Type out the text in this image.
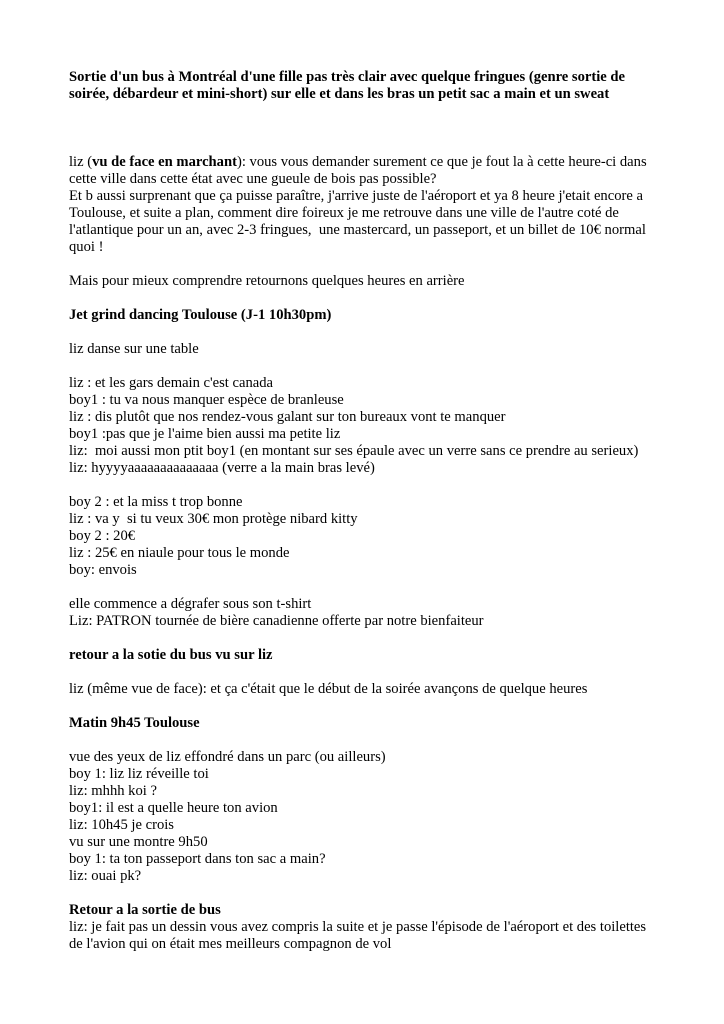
Sortie d'un bus à Montréal d'une fille pas très clair avec quelque fringues (genre sortie de soirée, débardeur et mini-short) sur elle et dans les bras un petit sac a main et un sweat

liz (vu de face en marchant): vous vous demander surement ce que je fout la à cette heure-ci dans cette ville dans cette état avec une gueule de bois pas possible?

Et b aussi surprenant que ça puisse paraître, j'arrive juste de l'aéroport et ya 8 heure j'etait encore a Toulouse, et suite a plan, comment dire foireux je me retrouve dans une ville de l'autre coté de l'atlantique pour un an, avec 2-3 fringues,  une mastercard, un passeport, et un billet de 10€ normal quoi !

Mais pour mieux comprendre retournons quelques heures en arrière

Jet grind dancing Toulouse (J-1 10h30pm)

liz danse sur une table

liz : et les gars demain c'est canada

boy1 : tu va nous manquer espèce de branleuse

liz : dis plutôt que nos rendez-vous galant sur ton bureaux vont te manquer

boy1 :pas que je l'aime bien aussi ma petite liz

liz:  moi aussi mon ptit boy1 (en montant sur ses épaule avec un verre sans ce prendre au serieux)

liz: hyyyyaaaaaaaaaaaaaa (verre a la main bras levé)

boy 2 : et la miss t trop bonne

liz : va y  si tu veux 30€ mon protège nibard kitty

boy 2 : 20€

liz : 25€ en niaule pour tous le monde

boy: envois

elle commence a dégrafer sous son t-shirt

Liz: PATRON tournée de bière canadienne offerte par notre bienfaiteur

retour a la sotie du bus vu sur liz

liz (même vue de face): et ça c'était que le début de la soirée avançons de quelque heures

Matin 9h45 Toulouse

vue des yeux de liz effondré dans un parc (ou ailleurs)

boy 1: liz liz réveille toi

liz: mhhh koi ?

boy1: il est a quelle heure ton avion

liz: 10h45 je crois

vu sur une montre 9h50

boy 1: ta ton passeport dans ton sac a main?

liz: ouai pk?

Retour a la sortie de bus

liz: je fait pas un dessin vous avez compris la suite et je passe l'épisode de l'aéroport et des toilettes de l'avion qui on était mes meilleurs compagnon de vol
